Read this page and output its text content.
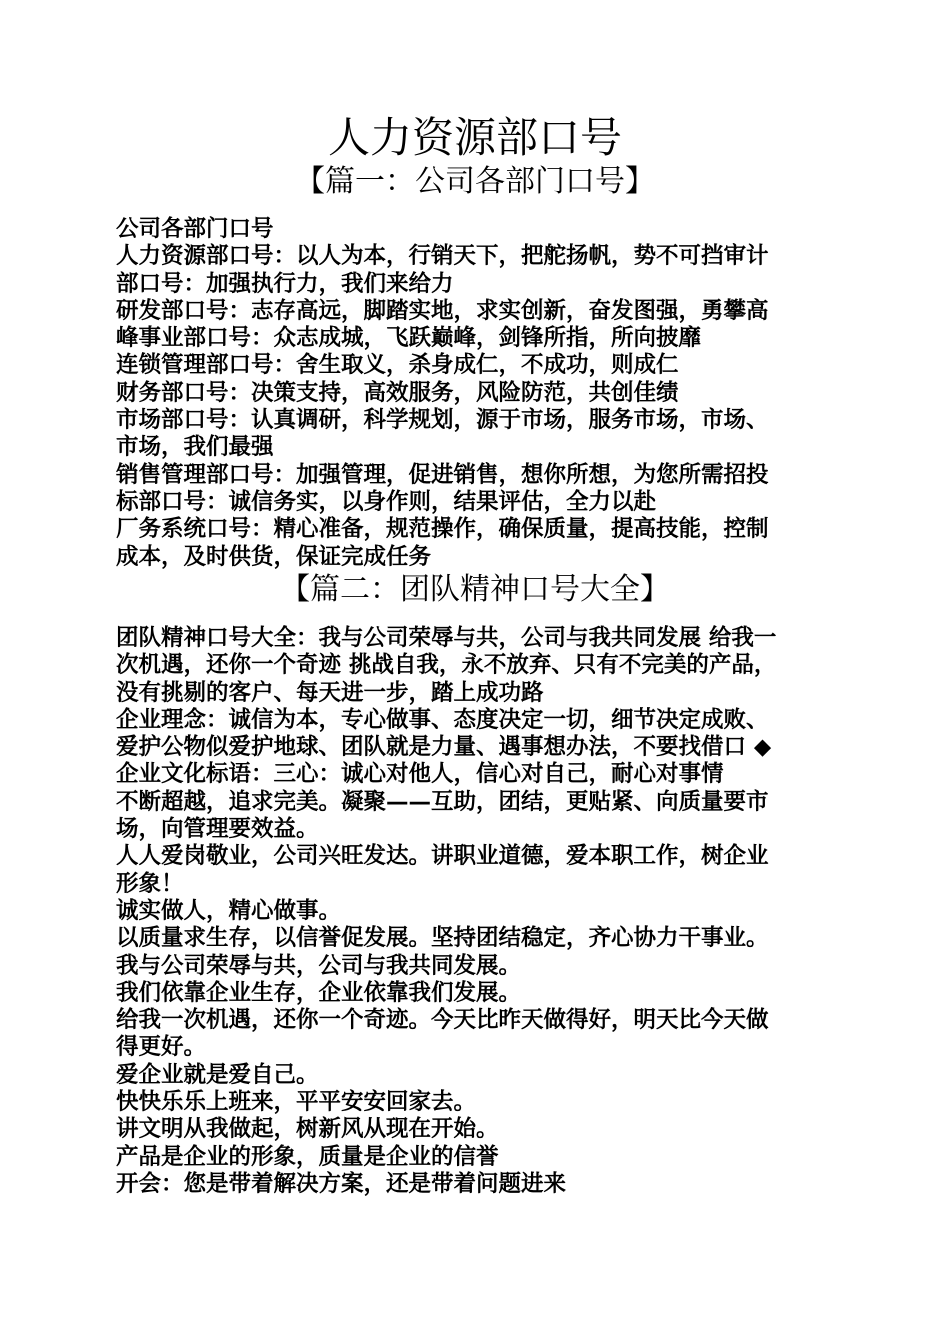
人力资源部口号
【篇一：公司各部门口号】
公司各部门口号
人力资源部口号：以人为本，行销天下，把舵扬帆，势不可挡审计
部口号：加强执行力，我们来给力
研发部口号：志存高远，脚踏实地，求实创新，奋发图强，勇攀高
峰事业部口号：众志成城，飞跃巅峰，剑锋所指，所向披靡
连锁管理部口号：舍生取义，杀身成仁，不成功，则成仁
财务部口号：决策支持，高效服务，风险防范，共创佳绩
市场部口号：认真调研，科学规划，源于市场，服务市场，市场、
市场，我们最强
销售管理部口号：加强管理，促进销售，想你所想，为您所需招投
标部口号：诚信务实，以身作则，结果评估，全力以赴
厂务系统口号：精心准备，规范操作，确保质量，提高技能，控制
成本，及时供货，保证完成任务
【篇二：团队精神口号大全】
团队精神口号大全：我与公司荣辱与共，公司与我共同发展 给我一
次机遇，还你一个奇迹 挑战自我，永不放弃、只有不完美的产品，
没有挑剔的客户、每天进一步，踏上成功路
企业理念：诚信为本，专心做事、态度决定一切，细节决定成败、
爱护公物似爱护地球、团队就是力量、遇事想办法，不要找借口 ◆
企业文化标语：三心：诚心对他人，信心对自己，耐心对事情
不断超越，追求完美。凝聚——互助，团结，更贴紧、向质量要市
场，向管理要效益。
人人爱岗敬业，公司兴旺发达。讲职业道德，爱本职工作，树企业
形象！
诚实做人，精心做事。
以质量求生存，以信誉促发展。坚持团结稳定，齐心协力干事业。
我与公司荣辱与共，公司与我共同发展。
我们依靠企业生存，企业依靠我们发展。
给我一次机遇，还你一个奇迹。今天比昨天做得好，明天比今天做
得更好。
爱企业就是爱自己。
快快乐乐上班来，平平安安回家去。
讲文明从我做起，树新风从现在开始。
产品是企业的形象，质量是企业的信誉
开会：您是带着解决方案，还是带着问题进来
